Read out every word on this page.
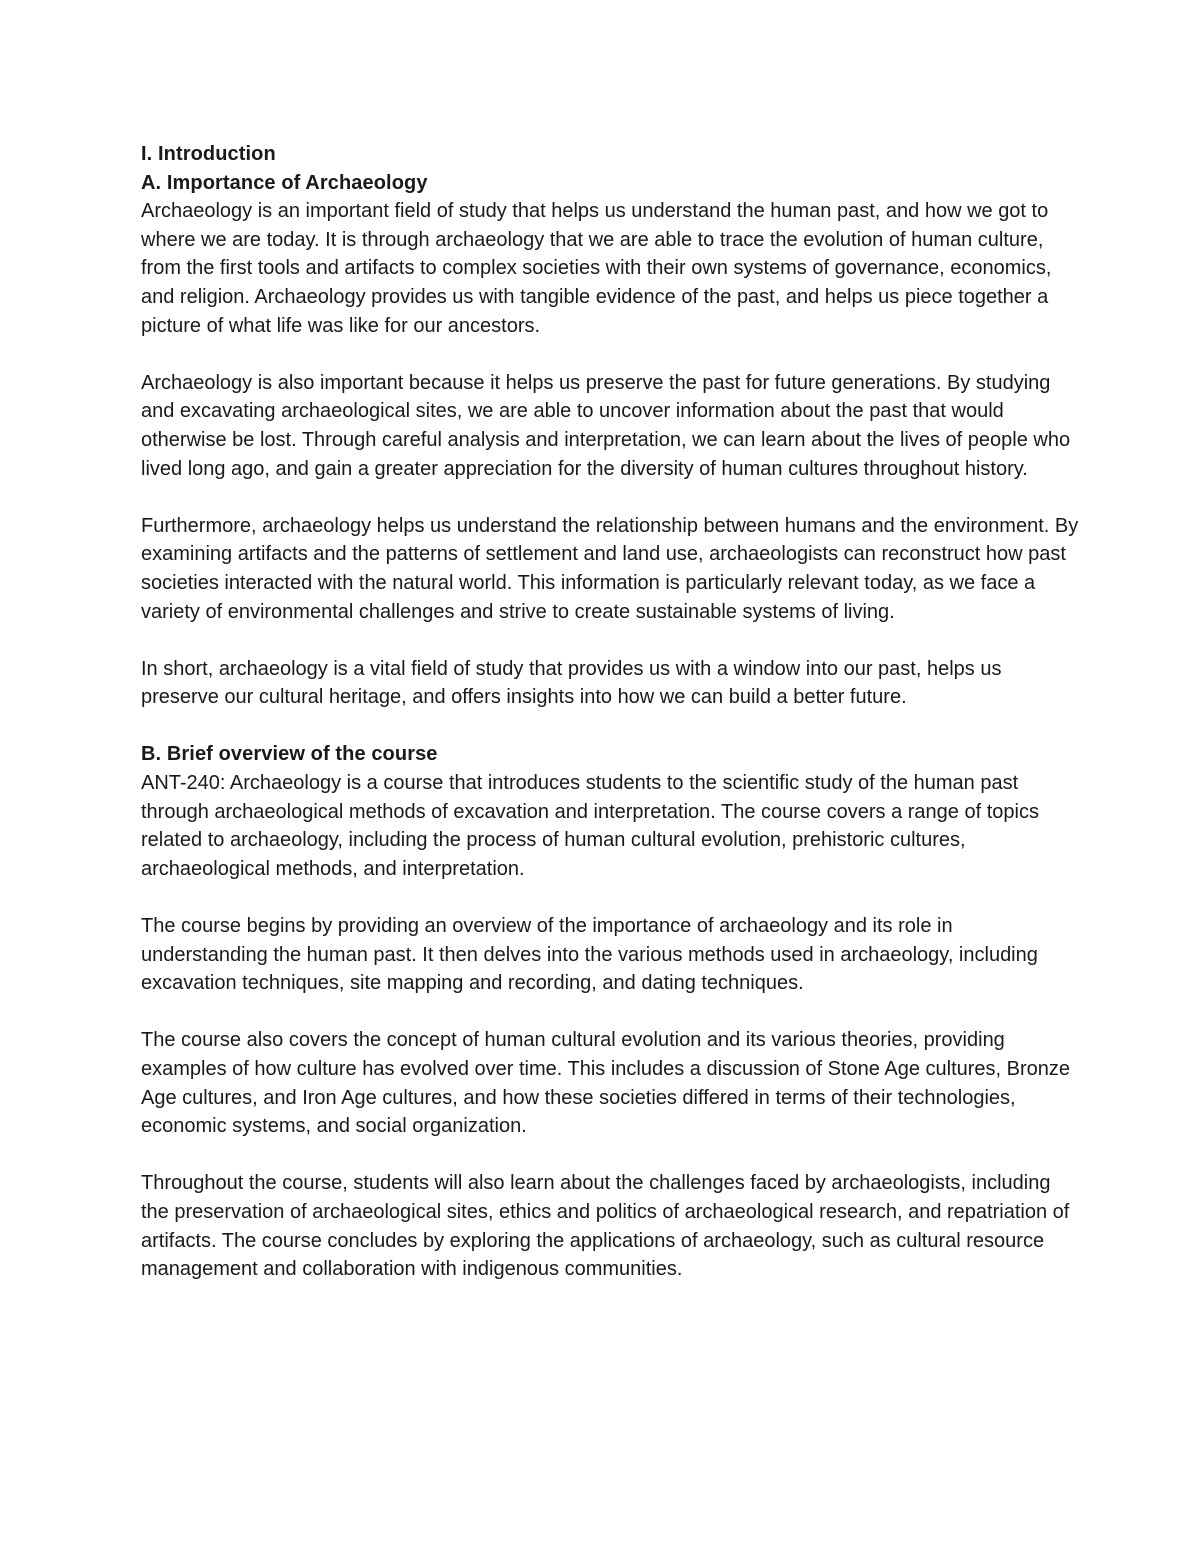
I. Introduction

A. Importance of Archaeology

Archaeology is an important field of study that helps us understand the human past, and how we got to where we are today. It is through archaeology that we are able to trace the evolution of human culture, from the first tools and artifacts to complex societies with their own systems of governance, economics, and religion. Archaeology provides us with tangible evidence of the past, and helps us piece together a picture of what life was like for our ancestors.

Archaeology is also important because it helps us preserve the past for future generations. By studying and excavating archaeological sites, we are able to uncover information about the past that would otherwise be lost. Through careful analysis and interpretation, we can learn about the lives of people who lived long ago, and gain a greater appreciation for the diversity of human cultures throughout history.

Furthermore, archaeology helps us understand the relationship between humans and the environment. By examining artifacts and the patterns of settlement and land use, archaeologists can reconstruct how past societies interacted with the natural world. This information is particularly relevant today, as we face a variety of environmental challenges and strive to create sustainable systems of living.

In short, archaeology is a vital field of study that provides us with a window into our past, helps us preserve our cultural heritage, and offers insights into how we can build a better future.

B. Brief overview of the course

ANT-240: Archaeology is a course that introduces students to the scientific study of the human past through archaeological methods of excavation and interpretation. The course covers a range of topics related to archaeology, including the process of human cultural evolution, prehistoric cultures, archaeological methods, and interpretation.

The course begins by providing an overview of the importance of archaeology and its role in understanding the human past. It then delves into the various methods used in archaeology, including excavation techniques, site mapping and recording, and dating techniques.

The course also covers the concept of human cultural evolution and its various theories, providing examples of how culture has evolved over time. This includes a discussion of Stone Age cultures, Bronze Age cultures, and Iron Age cultures, and how these societies differed in terms of their technologies, economic systems, and social organization.

Throughout the course, students will also learn about the challenges faced by archaeologists, including the preservation of archaeological sites, ethics and politics of archaeological research, and repatriation of artifacts. The course concludes by exploring the applications of archaeology, such as cultural resource management and collaboration with indigenous communities.
